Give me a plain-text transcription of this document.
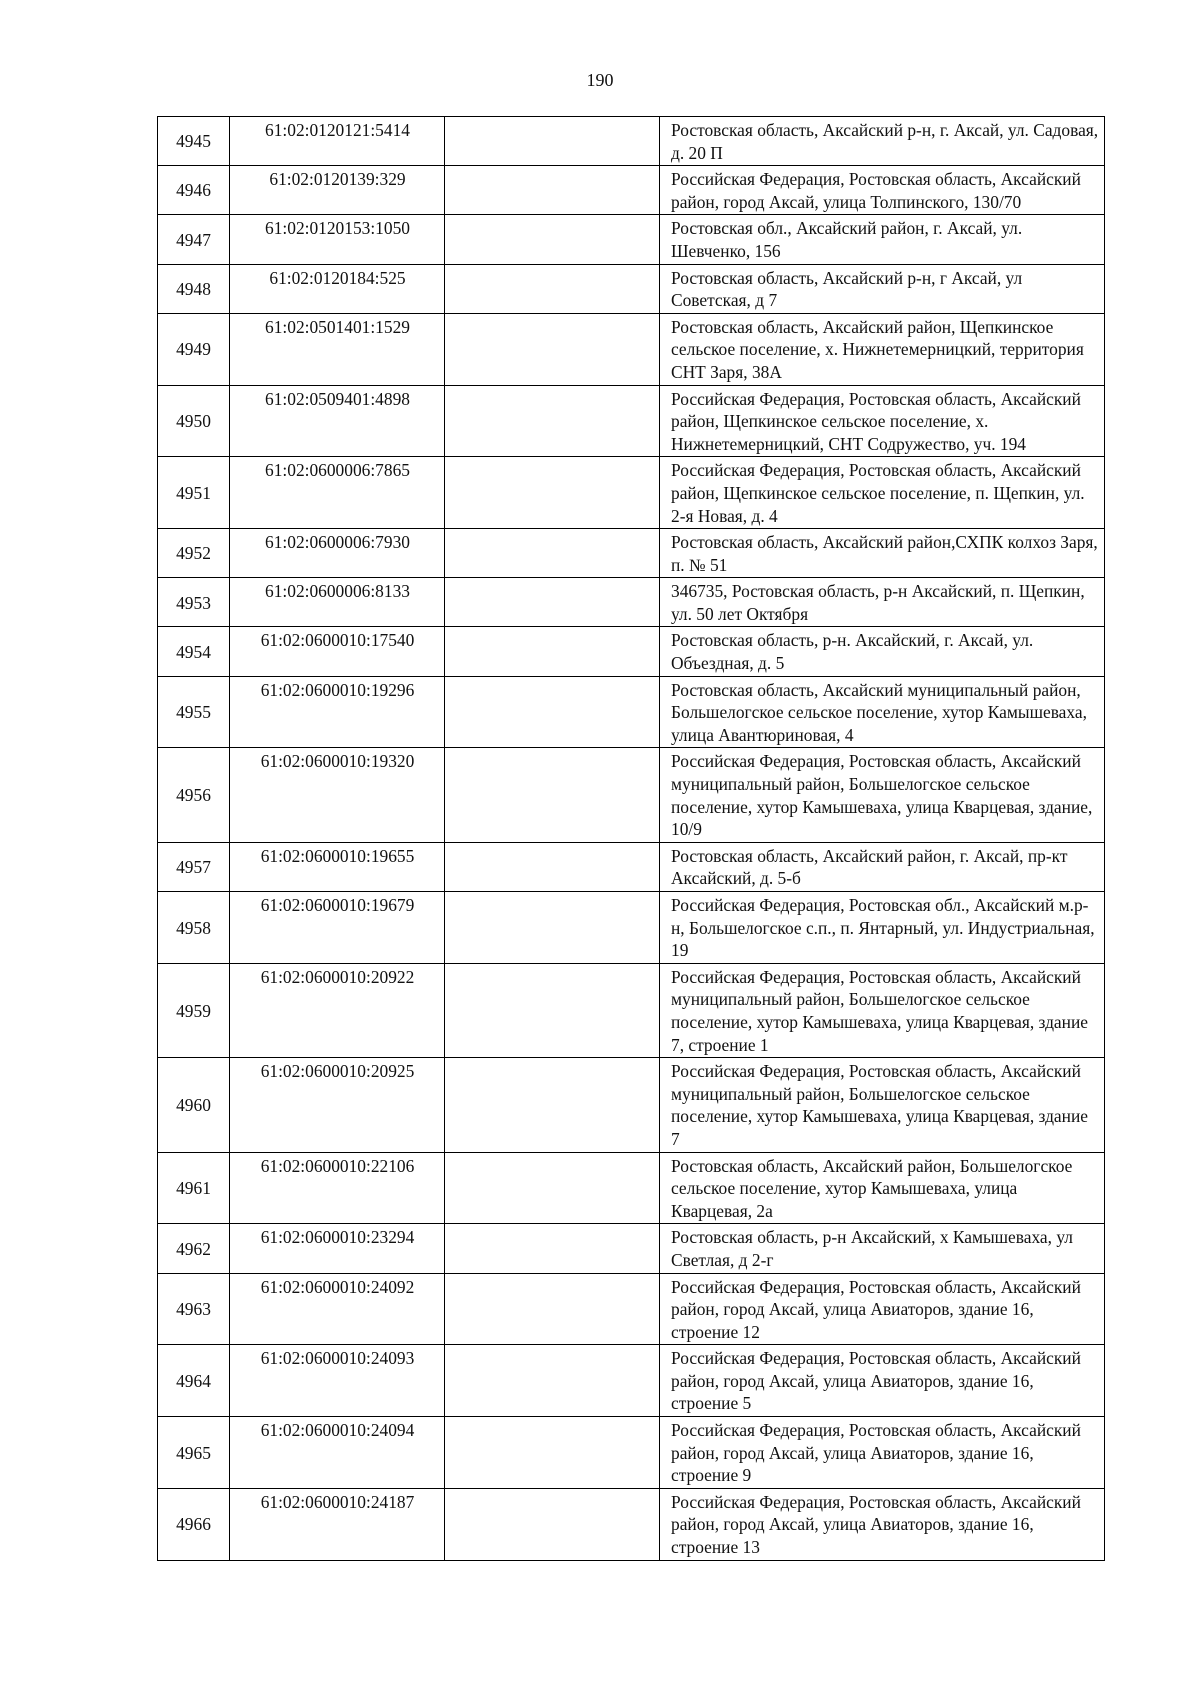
190
4945	61:02:0120121:5414		Ростовская область, Аксайский р-н, г. Аксай, ул. Садовая, д. 20 П
4946	61:02:0120139:329		Российская Федерация, Ростовская область, Аксайский район, город Аксай, улица Толпинского, 130/70
4947	61:02:0120153:1050		Ростовская обл., Аксайский район, г. Аксай, ул. Шевченко, 156
4948	61:02:0120184:525		Ростовская область, Аксайский р-н, г Аксай, ул Советская, д 7
4949	61:02:0501401:1529		Ростовская область, Аксайский район, Щепкинское сельское поселение, х. Нижнетемерницкий, территория СНТ Заря, 38А
4950	61:02:0509401:4898		Российская Федерация, Ростовская область, Аксайский район, Щепкинское сельское поселение, х. Нижнетемерницкий, СНТ Содружество, уч. 194
4951	61:02:0600006:7865		Российская Федерация, Ростовская область, Аксайский район, Щепкинское сельское поселение, п. Щепкин, ул. 2-я Новая, д. 4
4952	61:02:0600006:7930		Ростовская область, Аксайский район,СХПК колхоз Заря, п. № 51
4953	61:02:0600006:8133		346735, Ростовская область, р-н Аксайский, п. Щепкин, ул. 50 лет Октября
4954	61:02:0600010:17540		Ростовская область, р-н. Аксайский, г. Аксай, ул. Объездная, д. 5
4955	61:02:0600010:19296		Ростовская область, Аксайский муниципальный район, Большелогское сельское поселение, хутор Камышеваха, улица Авантюриновая, 4
4956	61:02:0600010:19320		Российская Федерация, Ростовская область, Аксайский муниципальный район, Большелогское сельское поселение, хутор Камышеваха, улица Кварцевая, здание, 10/9
4957	61:02:0600010:19655		Ростовская область, Аксайский район, г. Аксай, пр-кт Аксайский, д. 5-б
4958	61:02:0600010:19679		Российская Федерация, Ростовская обл., Аксайский м.р-н, Большелогское с.п., п. Янтарный, ул. Индустриальная, 19
4959	61:02:0600010:20922		Российская Федерация, Ростовская область, Аксайский муниципальный район, Большелогское сельское поселение, хутор Камышеваха, улица Кварцевая, здание 7, строение 1
4960	61:02:0600010:20925		Российская Федерация, Ростовская область, Аксайский муниципальный район, Большелогское сельское поселение, хутор Камышеваха, улица Кварцевая, здание 7
4961	61:02:0600010:22106		Ростовская область, Аксайский район, Большелогское сельское поселение, хутор Камышеваха, улица Кварцевая, 2а
4962	61:02:0600010:23294		Ростовская область, р-н Аксайский, х Камышеваха, ул Светлая, д 2-г
4963	61:02:0600010:24092		Российская Федерация, Ростовская область, Аксайский район, город Аксай, улица Авиаторов, здание 16, строение 12
4964	61:02:0600010:24093		Российская Федерация, Ростовская область, Аксайский район, город Аксай, улица Авиаторов, здание 16, строение 5
4965	61:02:0600010:24094		Российская Федерация, Ростовская область, Аксайский район, город Аксай, улица Авиаторов, здание 16, строение 9
4966	61:02:0600010:24187		Российская Федерация, Ростовская область, Аксайский район, город Аксай, улица Авиаторов, здание 16, строение 13
